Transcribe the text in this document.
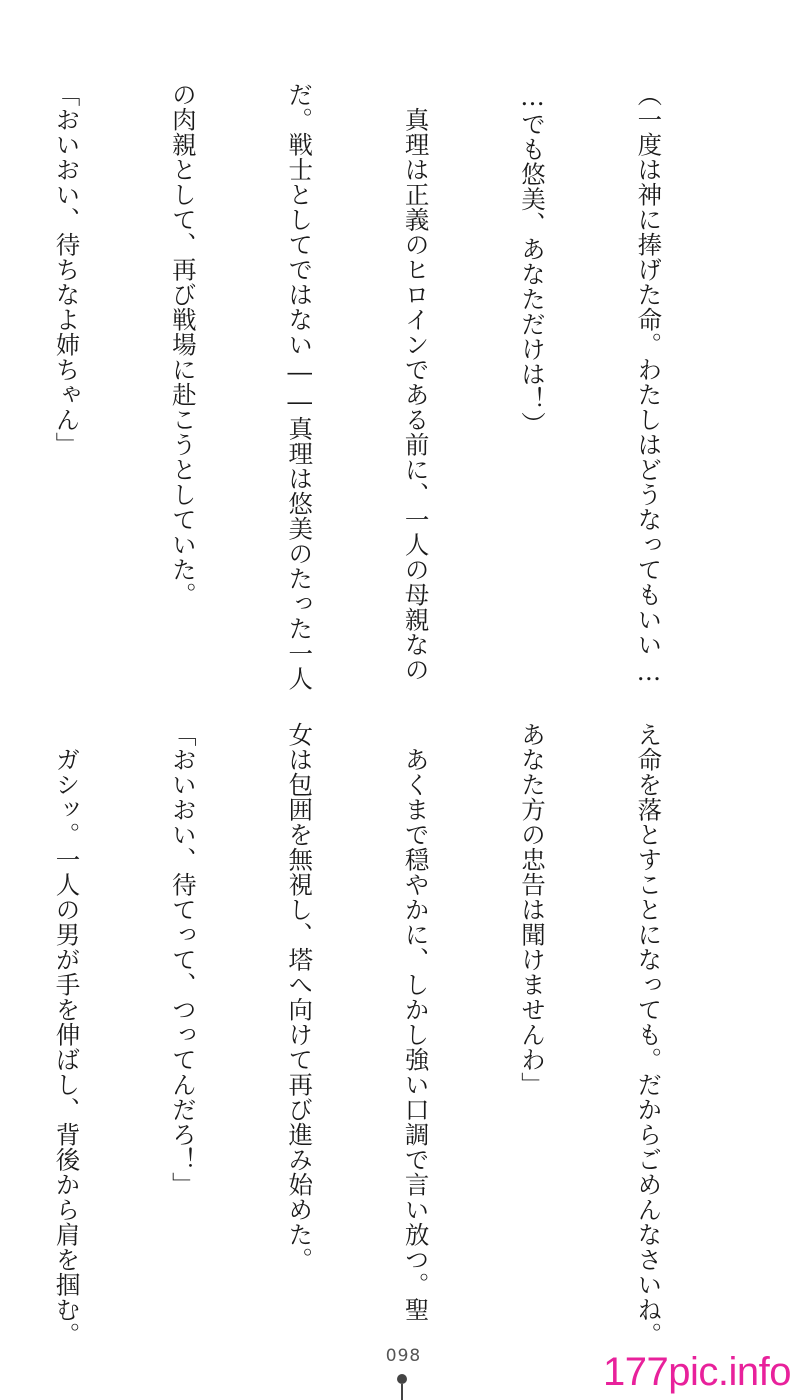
（一度は神に捧げた命。わたしはどうなってもいい…

…でも悠美、あなただけは！）

　真理は正義のヒロインである前に、一人の母親なの

だ。戦士としてではない――真理は悠美のたった一人

の肉親として、再び戦場に赴こうとしていた。

「おいおい、待ちなよ姉ちゃん」

え命を落とすことになっても。だからごめんなさいね。

あなた方の忠告は聞けませんわ」

　あくまで穏やかに、しかし強い口調で言い放つ。聖

女は包囲を無視し、塔へ向けて再び進み始めた。

「おいおい、待てって、つってんだろ！」

　ガシッ。一人の男が手を伸ばし、背後から肩を掴む。

098	177pic.info
